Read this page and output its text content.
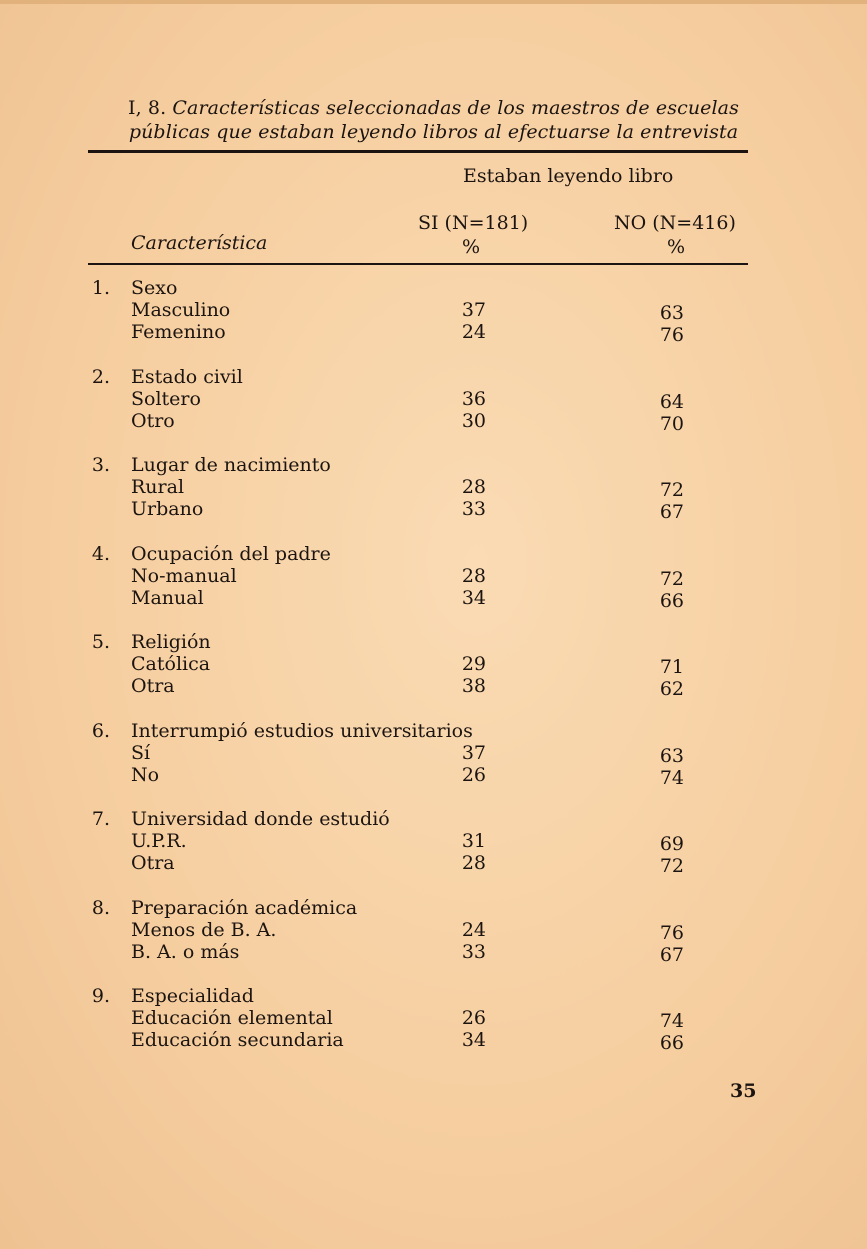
I, 8. Características seleccionadas de los maestros de escuelas
públicas que estaban leyendo libros al efectuarse la entrevista
Estaban leyendo libro
SI (N=181)	NO (N=416)
Característica	%	%
1. Sexo
Masculino	37	63
Femenino	24	76
2. Estado civil
Soltero	36	64
Otro	30	70
3. Lugar de nacimiento
Rural	28	72
Urbano	33	67
4. Ocupación del padre
No-manual	28	72
Manual	34	66
5. Religión
Católica	29	71
Otra	38	62
6. Interrumpió estudios universitarios
Sí	37	63
No	26	74
7. Universidad donde estudió
U.P.R.	31	69
Otra	28	72
8. Preparación académica
Menos de B. A.	24	76
B. A. o más	33	67
9. Especialidad
Educación elemental	26	74
Educación secundaria	34	66
35
